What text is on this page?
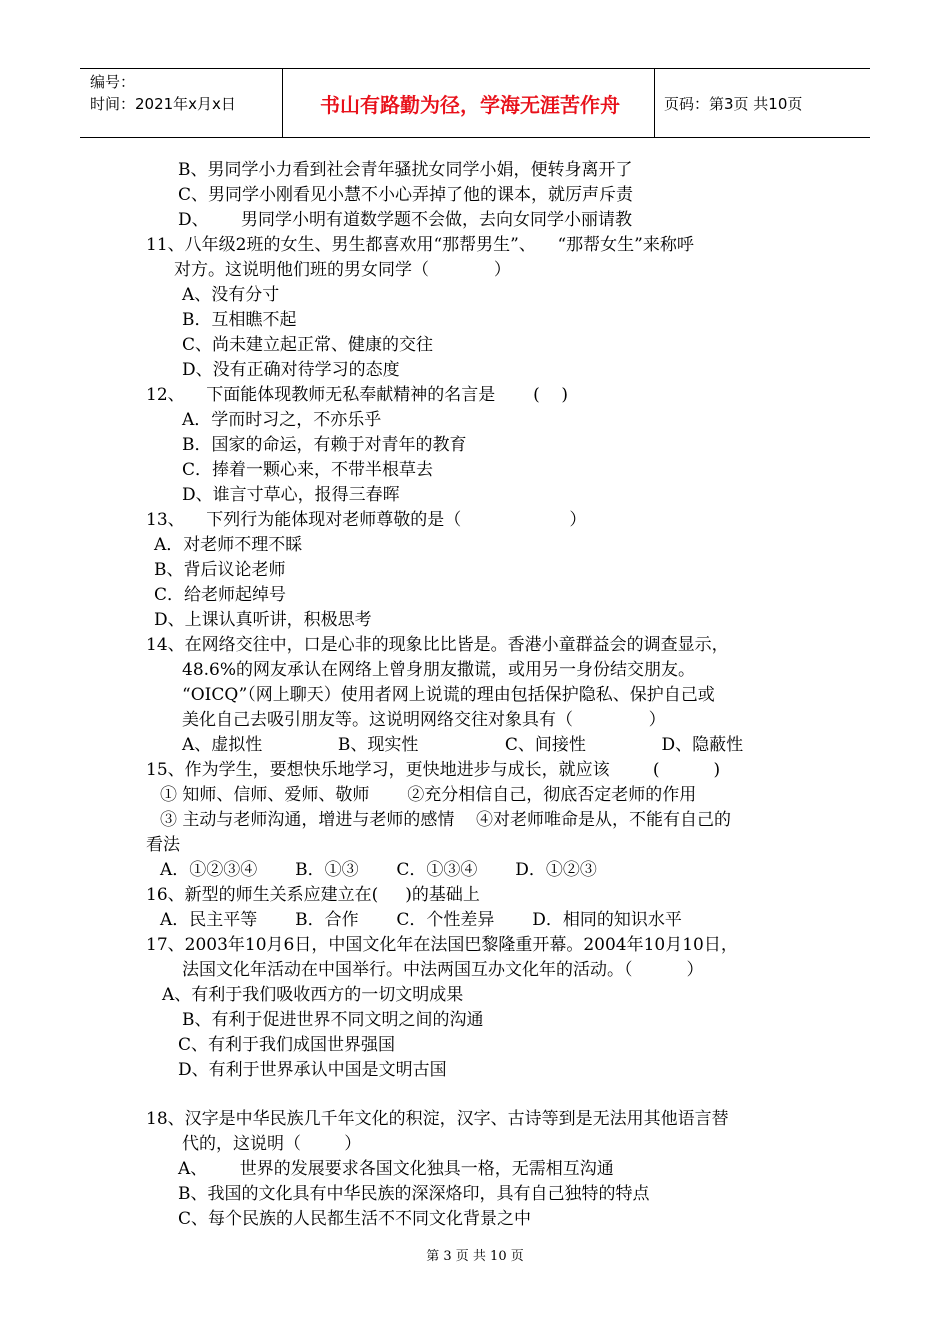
编号：
时间：2021年x月x日	书山有路勤为径，学海无涯苦作舟	页码：第3页 共10页
B、男同学小力看到社会青年骚扰女同学小娟，便转身离开了
C、男同学小刚看见小慧不小心弄掉了他的课本，就厉声斥责
D、      男同学小明有道数学题不会做，去向女同学小丽请教
11、八年级2班的女生、男生都喜欢用“那帮男生”、    “那帮女生”来称呼
对方。这说明他们班的男女同学（            ）
A、没有分寸
B．互相瞧不起
C、尚未建立起正常、健康的交往
D、没有正确对待学习的态度
12、    下面能体现教师无私奉献精神的名言是       (    )
A．学而时习之，不亦乐乎
B．国家的命运，有赖于对青年的教育
C．捧着一颗心来，不带半根草去
D、谁言寸草心，报得三春晖
13、    下列行为能体现对老师尊敬的是（                    ）
A．对老师不理不睬
B、背后议论老师
C．给老师起绰号
D、上课认真听讲，积极思考
14、在网络交往中，口是心非的现象比比皆是。香港小童群益会的调查显示，
48.6%的网友承认在网络上曾身朋友撒谎，或用另一身份结交朋友。
“OICQ”（网上聊天）使用者网上说谎的理由包括保护隐私、保护自己或
美化自己去吸引朋友等。这说明网络交往对象具有（              ）
A、虚拟性              B、现实性                C、间接性              D、隐蔽性
15、作为学生，要想快乐地学习，更快地进步与成长，就应该        (          )
① 知师、信师、爱师、敬师       ②充分相信自己，彻底否定老师的作用
③ 主动与老师沟通，增进与老师的感情    ④对老师唯命是从，不能有自己的
看法
A．①②③④       B．①③       C．①③④       D．①②③
16、新型的师生关系应建立在(     )的基础上
A．民主平等       B．合作       C．个性差异       D．相同的知识水平
17、2003年10月6日，中国文化年在法国巴黎隆重开幕。2004年10月10日，
法国文化年活动在中国举行。中法两国互办文化年的活动。（          ）
A、有利于我们吸收西方的一切文明成果
B、有利于促进世界不同文明之间的沟通
C、有利于我们成国世界强国
D、有利于世界承认中国是文明古国
18、汉字是中华民族几千年文化的积淀，汉字、古诗等到是无法用其他语言替
代的，这说明（        ）
A、      世界的发展要求各国文化独具一格，无需相互沟通
B、我国的文化具有中华民族的深深烙印，具有自己独特的特点
C、每个民族的人民都生活不不同文化背景之中
第 3 页 共 10 页
